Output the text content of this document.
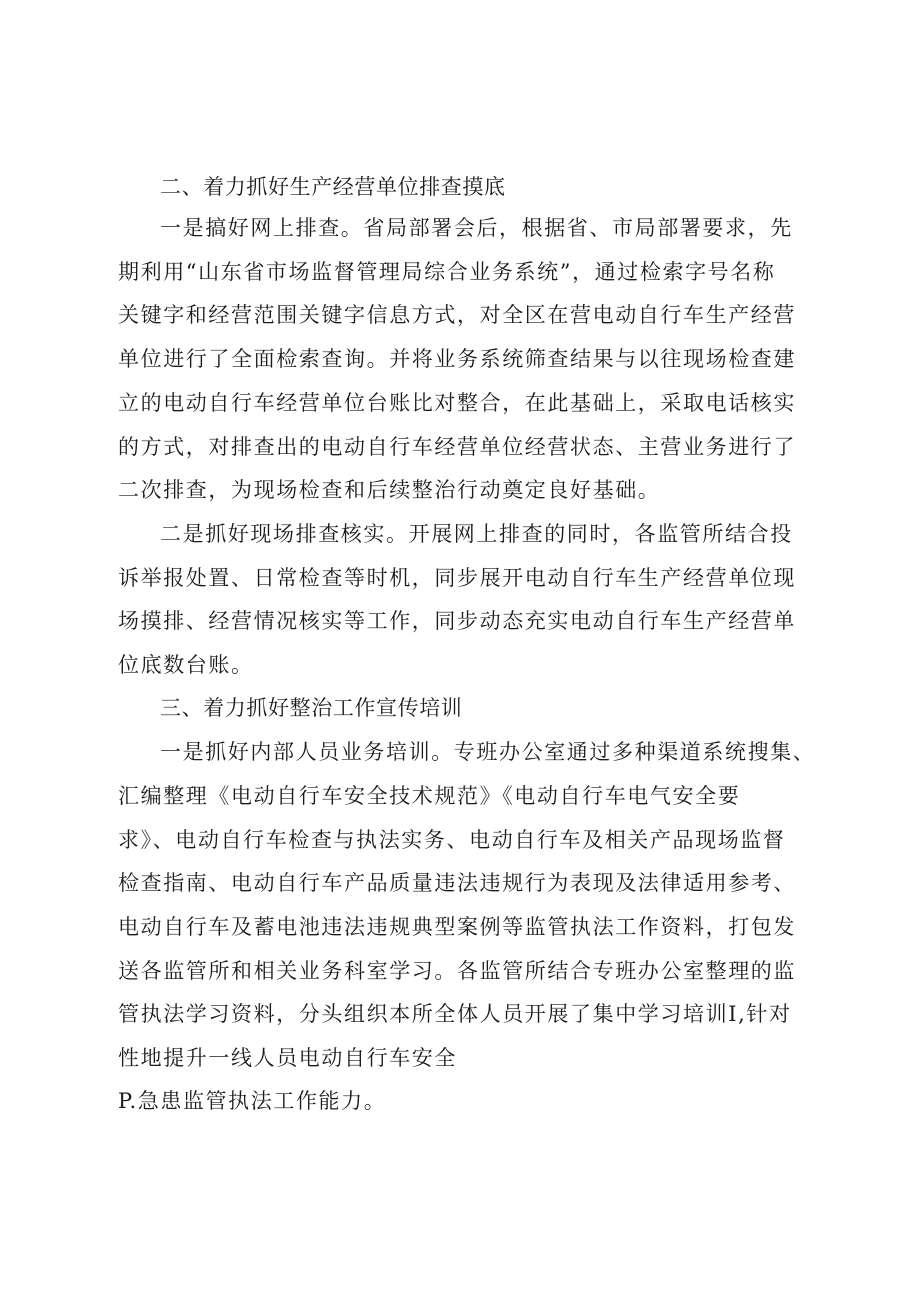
二、着力抓好生产经营单位排查摸底
一是搞好网上排查。省局部署会后，根据省、市局部署要求，先
期利用“山东省市场监督管理局综合业务系统”，通过检索字号名称
关键字和经营范围关键字信息方式，对全区在营电动自行车生产经营
单位进行了全面检索查询。并将业务系统筛查结果与以往现场检查建
立的电动自行车经营单位台账比对整合，在此基础上，采取电话核实
的方式，对排查出的电动自行车经营单位经营状态、主营业务进行了
二次排查，为现场检查和后续整治行动奠定良好基础。
二是抓好现场排查核实。开展网上排查的同时，各监管所结合投
诉举报处置、日常检查等时机，同步展开电动自行车生产经营单位现
场摸排、经营情况核实等工作，同步动态充实电动自行车生产经营单
位底数台账。
三、着力抓好整治工作宣传培训
一是抓好内部人员业务培训。专班办公室通过多种渠道系统搜集、
汇编整理《电动自行车安全技术规范》《电动自行车电气安全要
求》、电动自行车检查与执法实务、电动自行车及相关产品现场监督
检查指南、电动自行车产品质量违法违规行为表现及法律适用参考、
电动自行车及蓄电池违法违规典型案例等监管执法工作资料，打包发
送各监管所和相关业务科室学习。各监管所结合专班办公室整理的监
管执法学习资料，分头组织本所全体人员开展了集中学习培训I,针对
性地提升一线人员电动自行车安全
P.急患监管执法工作能力。
